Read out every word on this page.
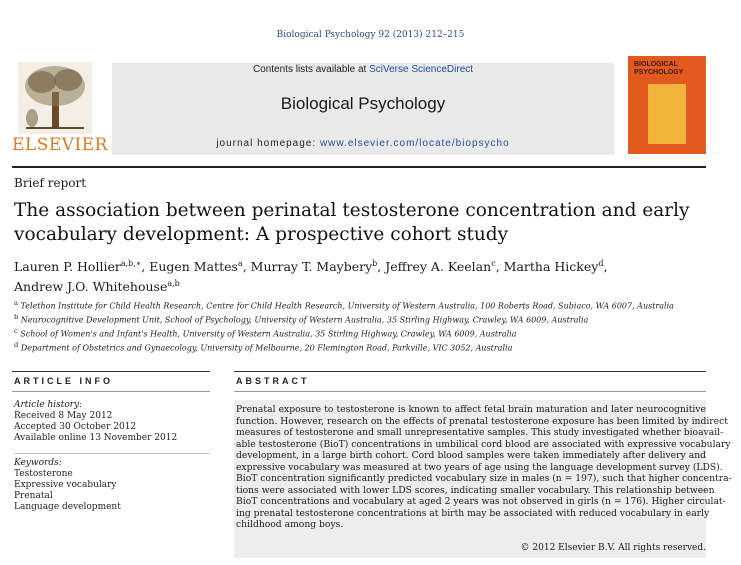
Biological Psychology 92 (2013) 212–215
ELSEVIER
Contents lists available at SciVerse ScienceDirect
Biological Psychology
journal homepage: www.elsevier.com/locate/biopsycho
BIOLOGICAL
PSYCHOLOGY
Brief report
The association between perinatal testosterone concentration and early
vocabulary development: A prospective cohort study
Lauren P. Hollier$^{a,b,∗}$, Eugen Mattes$^a$, Murray T. Maybery$^b$, Jeffrey A. Keelan$^c$, Martha Hickey$^d$,
Andrew J.O. Whitehouse$^{a,b}$
$^a$ Telethon Institute for Child Health Research, Centre for Child Health Research, University of Western Australia, 100 Roberts Road, Subiaco, WA 6007, Australia
$^b$ Neurocognitive Development Unit, School of Psychology, University of Western Australia, 35 Stirling Highway, Crawley, WA 6009, Australia
$^c$ School of Women's and Infant's Health, University of Western Australia, 35 Stirling Highway, Crawley, WA 6009, Australia
$^d$ Department of Obstetrics and Gynaecology, University of Melbourne, 20 Flemington Road, Parkville, VIC 3052, Australia
ARTICLE INFO
Article history:
Received 8 May 2012
Accepted 30 October 2012
Available online 13 November 2012
Keywords:
Testosterone
Expressive vocabulary
Prenatal
Language development
ABSTRACT
Prenatal exposure to testosterone is known to affect fetal brain maturation and later neurocognitive
function. However, research on the effects of prenatal testosterone exposure has been limited by indirect
measures of testosterone and small unrepresentative samples. This study investigated whether bioavail-
able testosterone (BioT) concentrations in umbilical cord blood are associated with expressive vocabulary
development, in a large birth cohort. Cord blood samples were taken immediately after delivery and
expressive vocabulary was measured at two years of age using the language development survey (LDS).
BioT concentration significantly predicted vocabulary size in males (n = 197), such that higher concentra-
tions were associated with lower LDS scores, indicating smaller vocabulary. This relationship between
BioT concentrations and vocabulary at aged 2 years was not observed in girls (n = 176). Higher circulat-
ing prenatal testosterone concentrations at birth may be associated with reduced vocabulary in early
childhood among boys.
© 2012 Elsevier B.V. All rights reserved.
